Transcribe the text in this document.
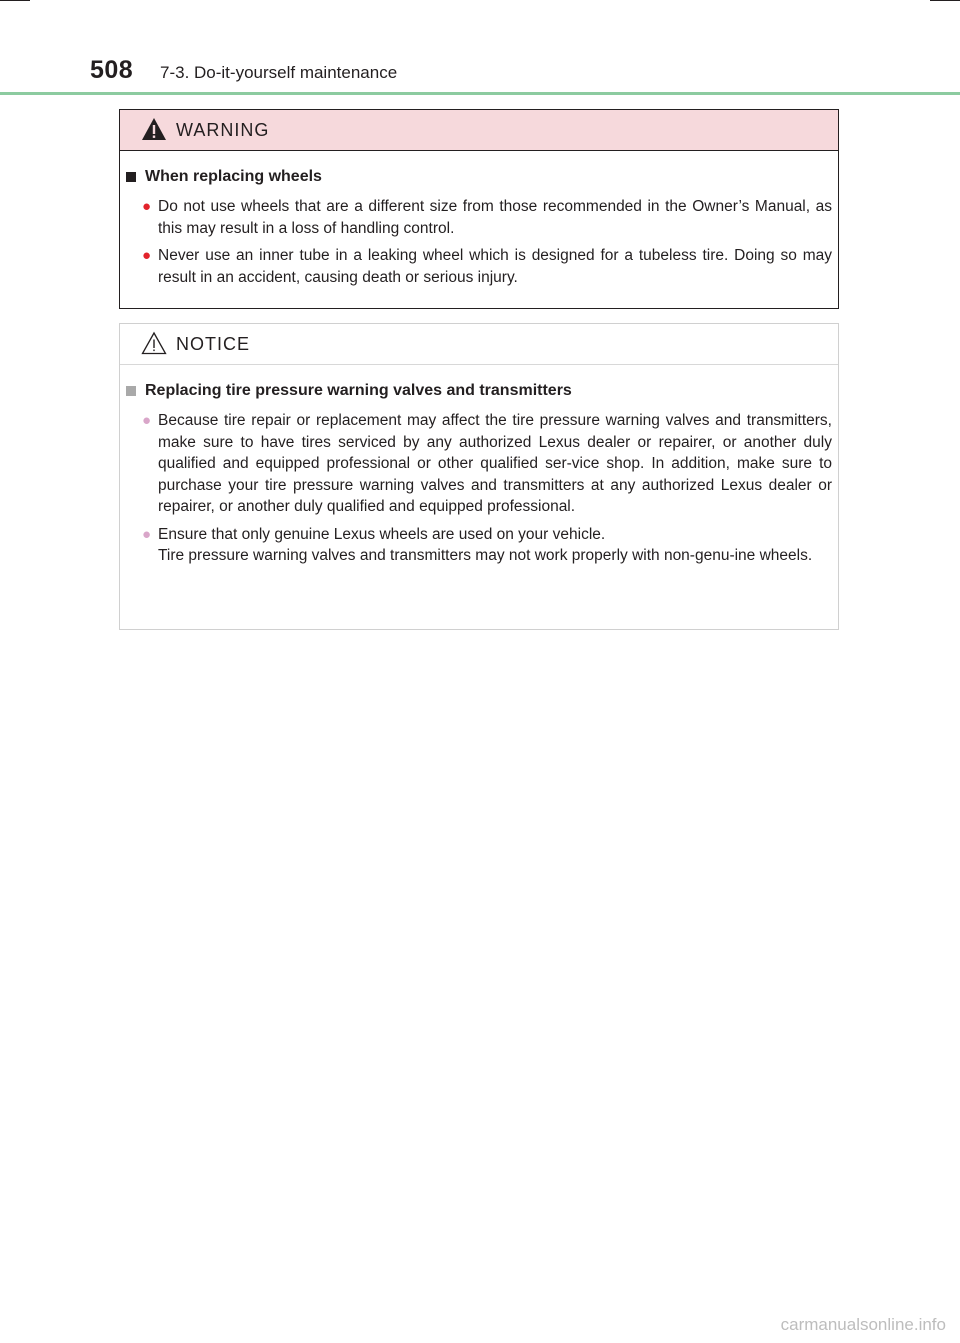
508 7-3. Do-it-yourself maintenance
WARNING
When replacing wheels
● Do not use wheels that are a different size from those recommended in the Owner’s Manual, as this may result in a loss of handling control.
● Never use an inner tube in a leaking wheel which is designed for a tubeless tire. Doing so may result in an accident, causing death or serious injury.
NOTICE
Replacing tire pressure warning valves and transmitters
● Because tire repair or replacement may affect the tire pressure warning valves and transmitters, make sure to have tires serviced by any authorized Lexus dealer or repairer, or another duly qualified and equipped professional or other qualified ser-vice shop. In addition, make sure to purchase your tire pressure warning valves and transmitters at any authorized Lexus dealer or repairer, or another duly qualified and equipped professional.
● Ensure that only genuine Lexus wheels are used on your vehicle.
Tire pressure warning valves and transmitters may not work properly with non-genu-ine wheels.
carmanualsonline.info
